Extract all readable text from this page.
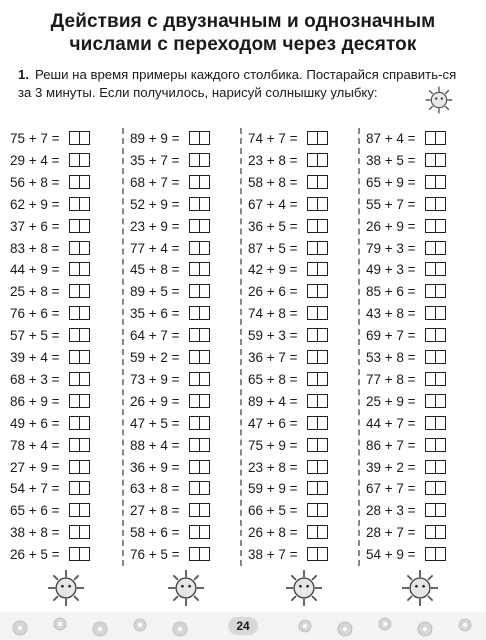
Действия с двузначным и однозначным
числами с переходом через десяток
1. Реши на время примеры каждого столбика. Постарайся справить-ся за 3 минуты. Если получилось, нарисуй солнышку улыбку:
75 + 7 =
29 + 4 =
56 + 8 =
62 + 9 =
37 + 6 =
83 + 8 =
44 + 9 =
25 + 8 =
76 + 6 =
57 + 5 =
39 + 4 =
68 + 3 =
86 + 9 =
49 + 6 =
78 + 4 =
27 + 9 =
54 + 7 =
65 + 6 =
38 + 8 =
26 + 5 =
89 + 9 =
35 + 7 =
68 + 7 =
52 + 9 =
23 + 9 =
77 + 4 =
45 + 8 =
89 + 5 =
35 + 6 =
64 + 7 =
59 + 2 =
73 + 9 =
26 + 9 =
47 + 5 =
88 + 4 =
36 + 9 =
63 + 8 =
27 + 8 =
58 + 6 =
76 + 5 =
74 + 7 =
23 + 8 =
58 + 8 =
67 + 4 =
36 + 5 =
87 + 5 =
42 + 9 =
26 + 6 =
74 + 8 =
59 + 3 =
36 + 7 =
65 + 8 =
89 + 4 =
47 + 6 =
75 + 9 =
23 + 8 =
59 + 9 =
66 + 5 =
26 + 8 =
38 + 7 =
87 + 4 =
38 + 5 =
65 + 9 =
55 + 7 =
26 + 9 =
79 + 3 =
49 + 3 =
85 + 6 =
43 + 8 =
69 + 7 =
53 + 8 =
77 + 8 =
25 + 9 =
44 + 7 =
86 + 7 =
39 + 2 =
67 + 7 =
28 + 3 =
28 + 7 =
54 + 9 =
24
